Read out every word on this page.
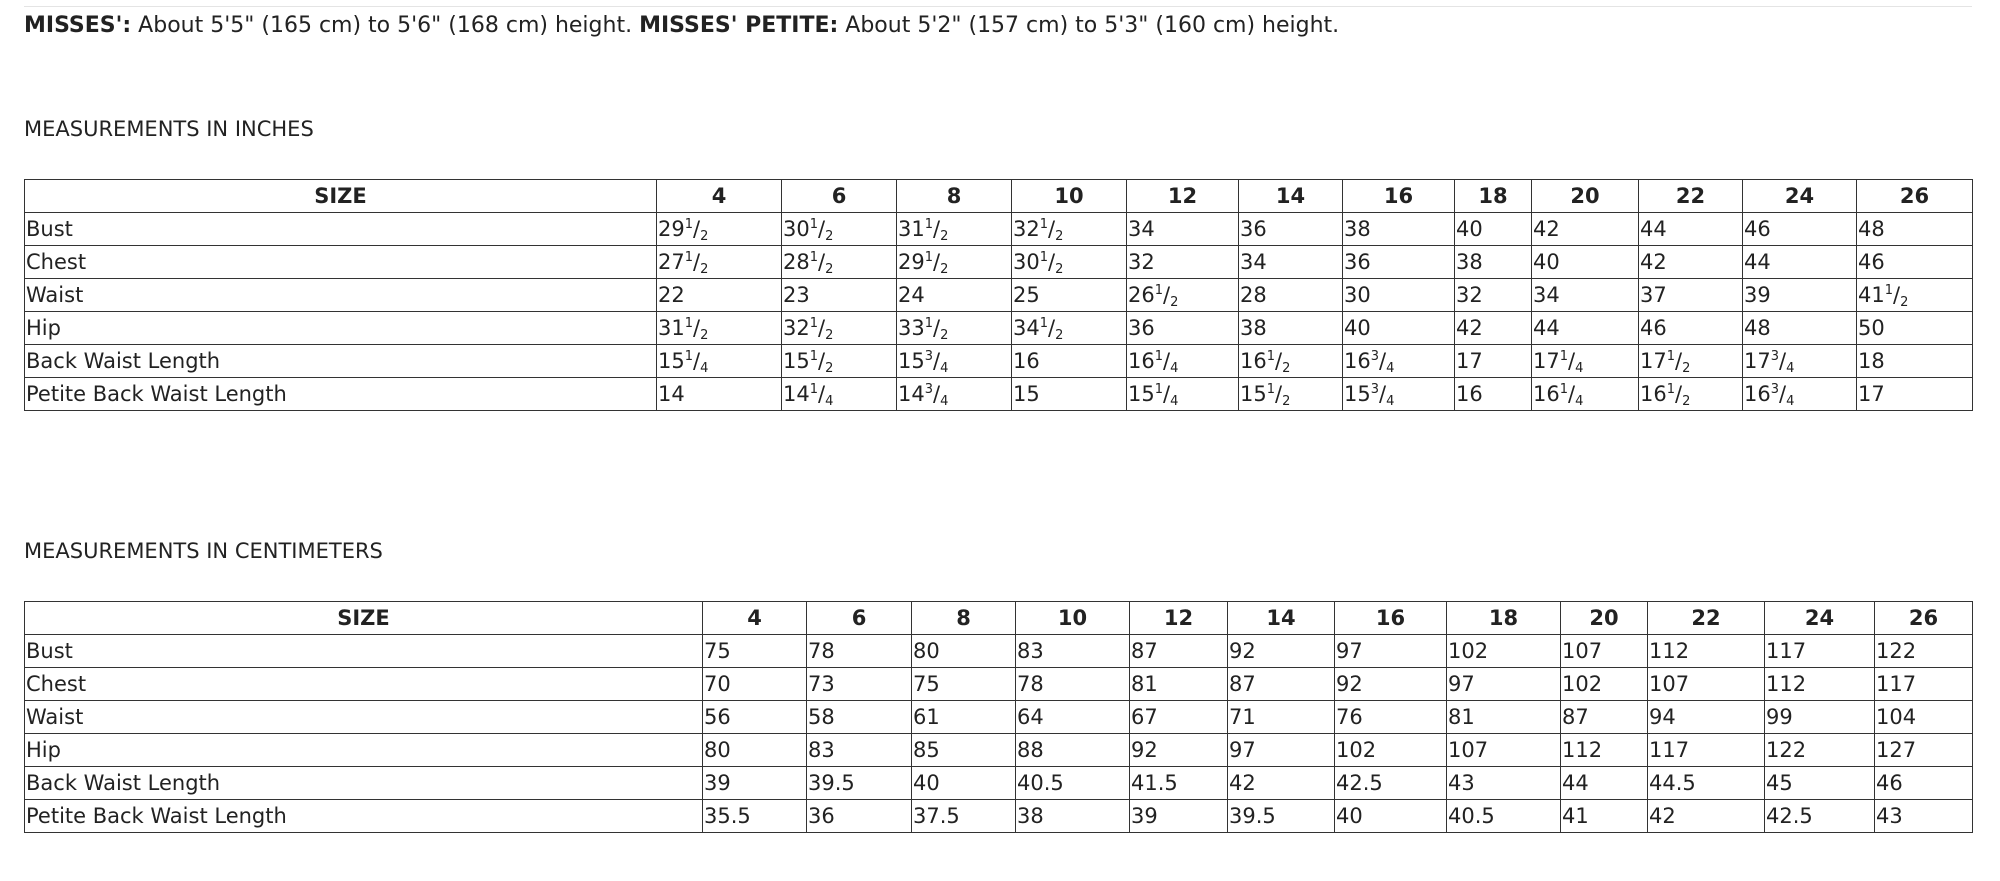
MISSES': About 5'5" (165 cm) to 5'6" (168 cm) height. MISSES' PETITE: About 5'2" (157 cm) to 5'3" (160 cm) height.
MEASUREMENTS IN INCHES
SIZE	4	6	8	10	12	14	16	18	20	22	24	26
Bust	$29^1/_2$	$30^1/_2$	$31^1/_2$	$32^1/_2$	34	36	38	40	42	44	46	48
Chest	$27^1/_2$	$28^1/_2$	$29^1/_2$	$30^1/_2$	32	34	36	38	40	42	44	46
Waist	22	23	24	25	$26^1/_2$	28	30	32	34	37	39	$41^1/_2$
Hip	$31^1/_2$	$32^1/_2$	$33^1/_2$	$34^1/_2$	36	38	40	42	44	46	48	50
Back Waist Length	$15^1/_4$	$15^1/_2$	$15^3/_4$	16	$16^1/_4$	$16^1/_2$	$16^3/_4$	17	$17^1/_4$	$17^1/_2$	$17^3/_4$	18
Petite Back Waist Length	14	$14^1/_4$	$14^3/_4$	15	$15^1/_4$	$15^1/_2$	$15^3/_4$	16	$16^1/_4$	$16^1/_2$	$16^3/_4$	17
MEASUREMENTS IN CENTIMETERS
SIZE	4	6	8	10	12	14	16	18	20	22	24	26
Bust	75	78	80	83	87	92	97	102	107	112	117	122
Chest	70	73	75	78	81	87	92	97	102	107	112	117
Waist	56	58	61	64	67	71	76	81	87	94	99	104
Hip	80	83	85	88	92	97	102	107	112	117	122	127
Back Waist Length	39	39.5	40	40.5	41.5	42	42.5	43	44	44.5	45	46
Petite Back Waist Length	35.5	36	37.5	38	39	39.5	40	40.5	41	42	42.5	43
